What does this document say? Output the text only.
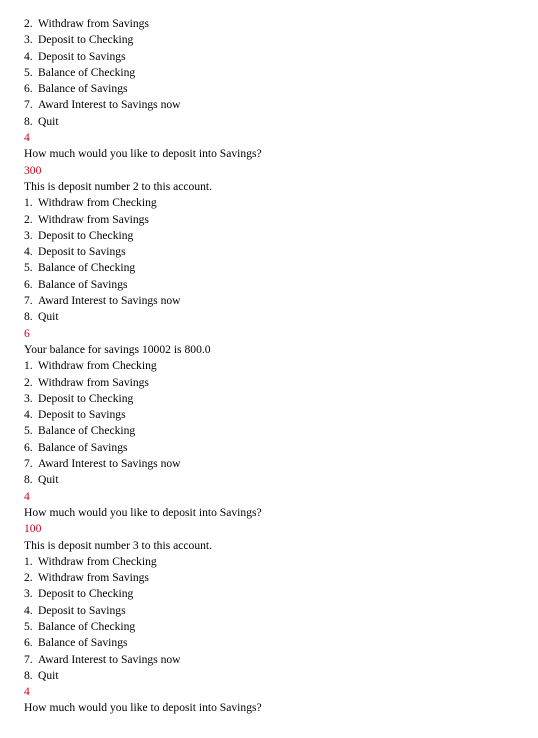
2. Withdraw from Savings
3. Deposit to Checking
4. Deposit to Savings
5. Balance of Checking
6. Balance of Savings
7. Award Interest to Savings now
8. Quit
4
How much would you like to deposit into Savings?
300
This is deposit number 2 to this account.
1. Withdraw from Checking
2. Withdraw from Savings
3. Deposit to Checking
4. Deposit to Savings
5. Balance of Checking
6. Balance of Savings
7. Award Interest to Savings now
8. Quit
6
Your balance for savings 10002 is 800.0
1. Withdraw from Checking
2. Withdraw from Savings
3. Deposit to Checking
4. Deposit to Savings
5. Balance of Checking
6. Balance of Savings
7. Award Interest to Savings now
8. Quit
4
How much would you like to deposit into Savings?
100
This is deposit number 3 to this account.
1. Withdraw from Checking
2. Withdraw from Savings
3. Deposit to Checking
4. Deposit to Savings
5. Balance of Checking
6. Balance of Savings
7. Award Interest to Savings now
8. Quit
4
How much would you like to deposit into Savings?
